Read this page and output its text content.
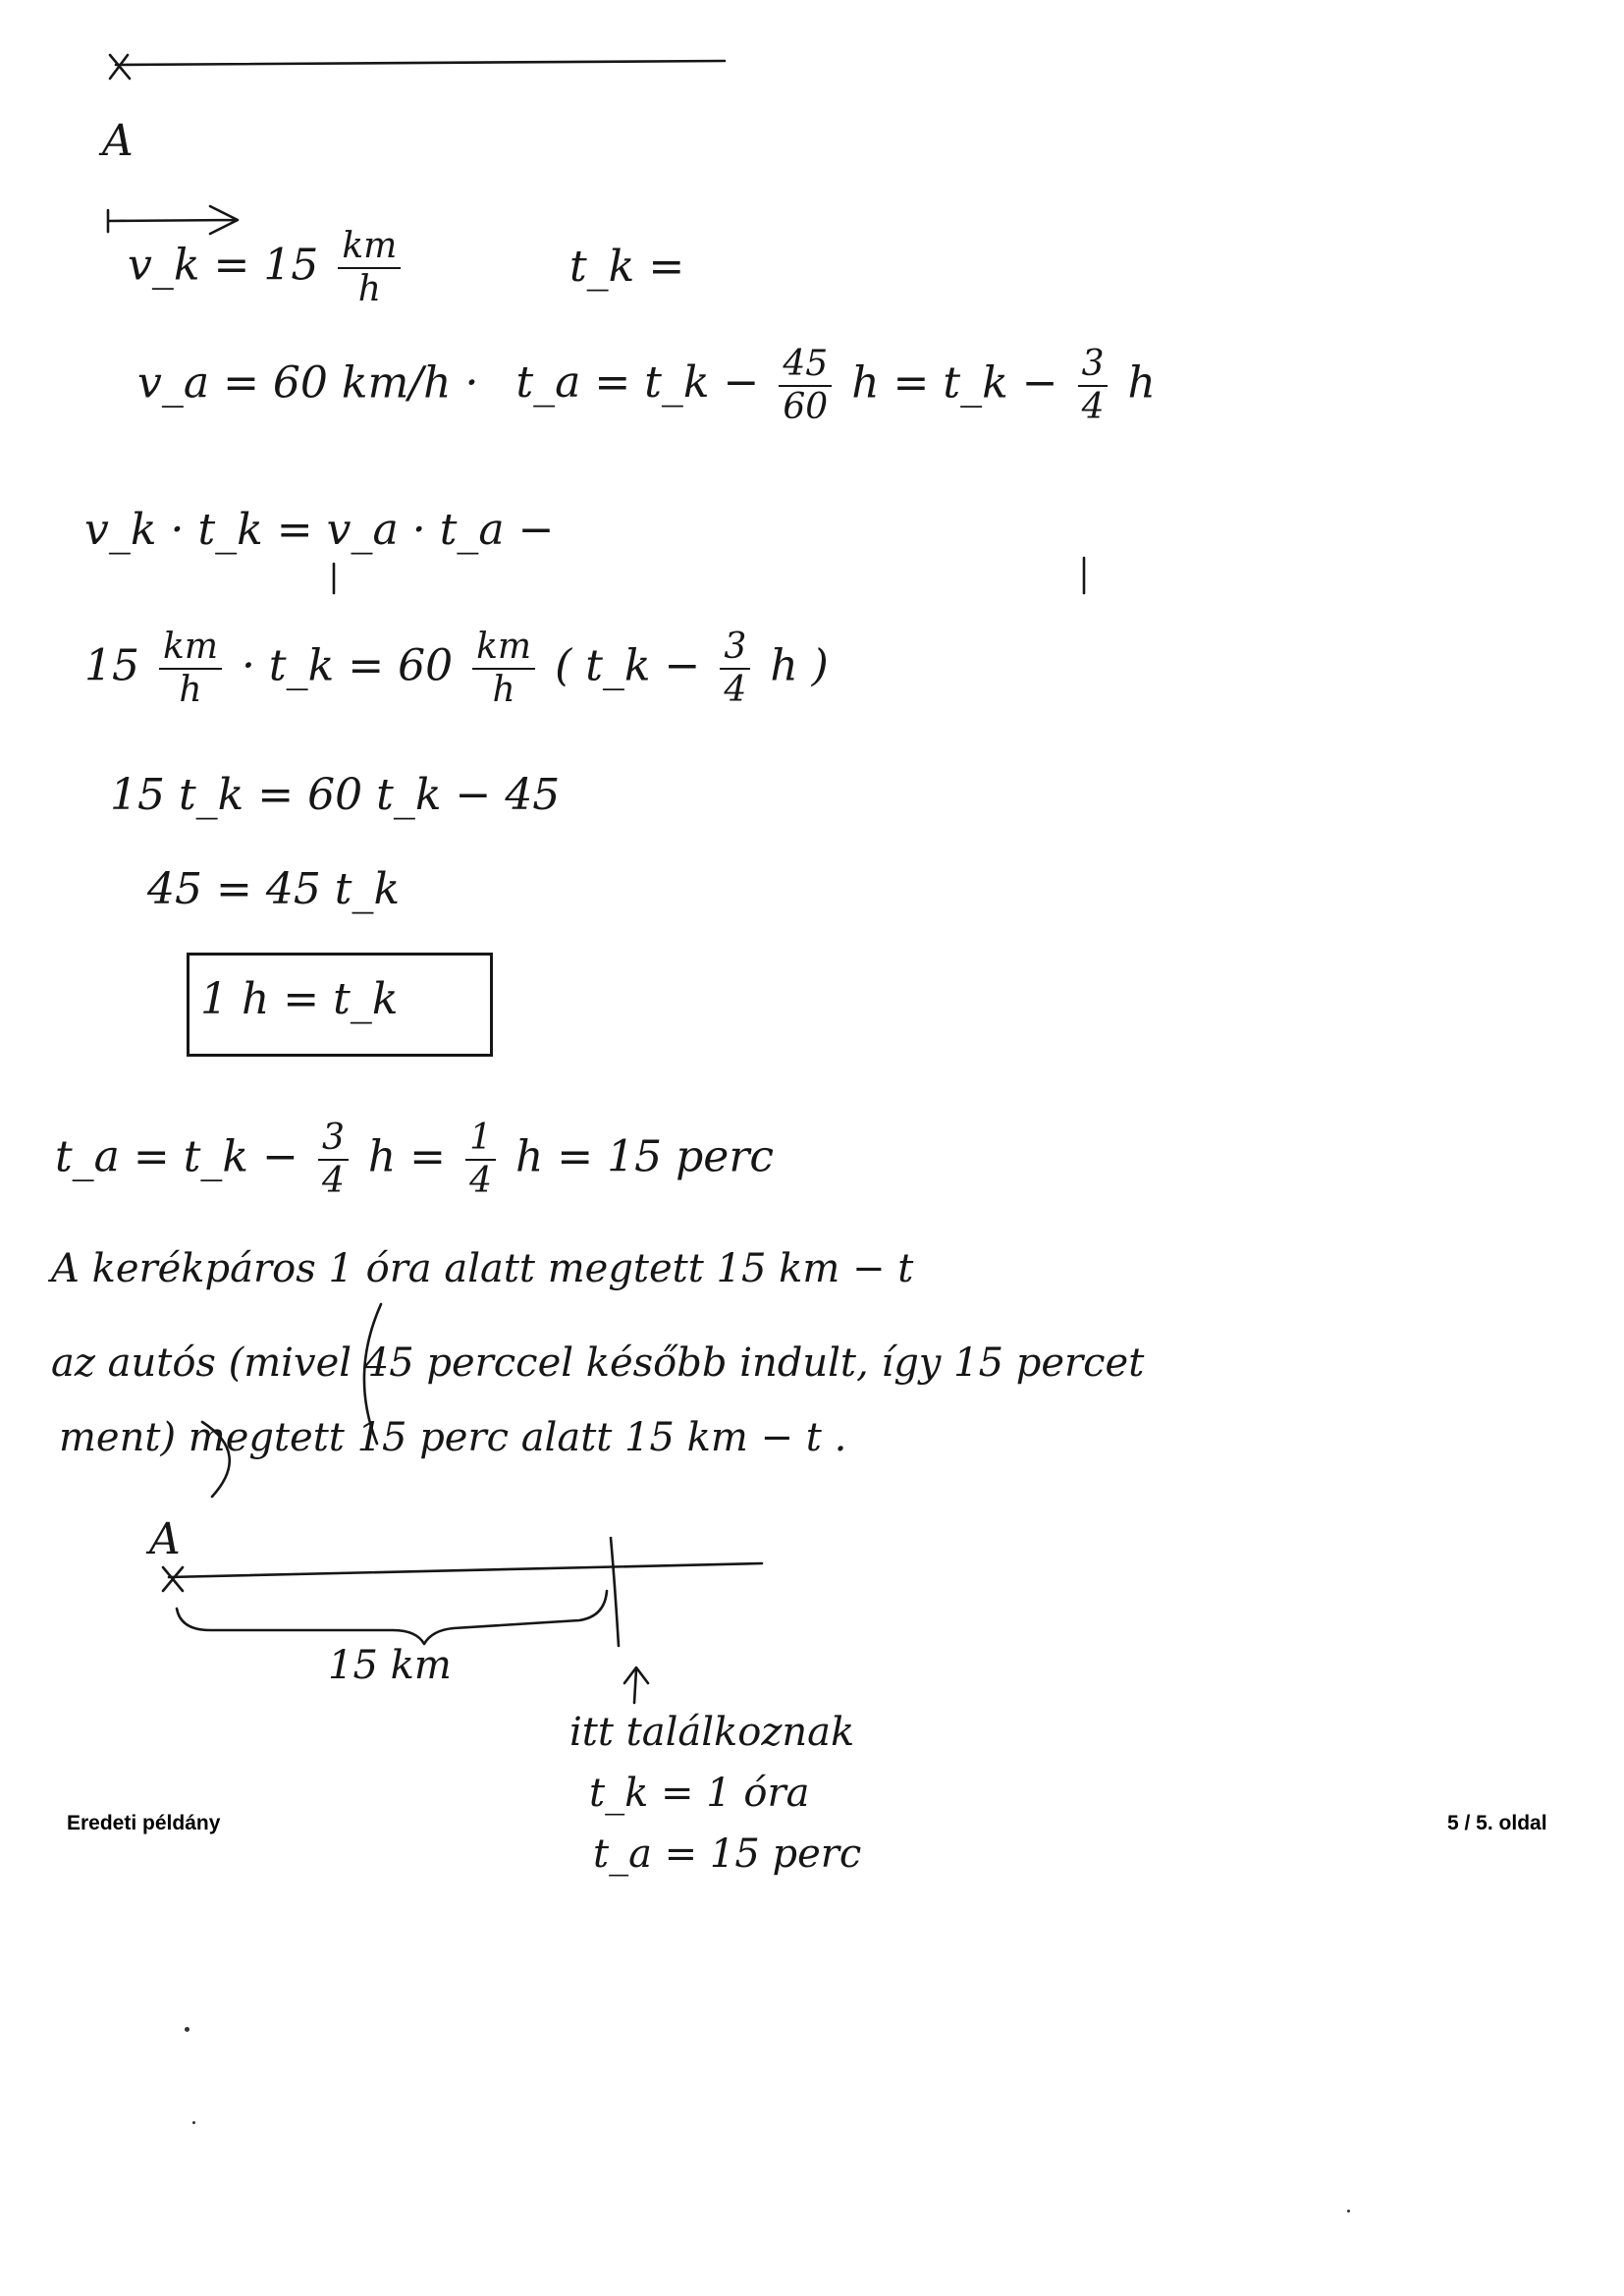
A
v_k = $15 \frac{km}{h}$	t_k =
v_a = 60 km/h · t_a = t_k − $\frac{45}{60}$ h = t_k − $\frac{3}{4}$ h
v_k · t_k = v_a · t_a −
$15 \frac{km}{h}$ · t_k = $60 \frac{km}{h}$ ( t_k − $\frac{3}{4}$ h )
15 t_k = 60 t_k − 45
45 = 45 t_k
1 h = t_k
t_a = t_k − $\frac{3}{4}$ $h = \frac{1}{4}$ h = 15 perc
A kerékpáros 1 óra alatt megtett 15 km − t
az autós (mivel 45 perccel később indult, így 15 percet
ment) megtett 15 perc alatt 15 km − t .
A
15 km
itt találkoznak
t_k = 1 óra
t_a = 15 perc
Eredeti példány	5 / 5. oldal
